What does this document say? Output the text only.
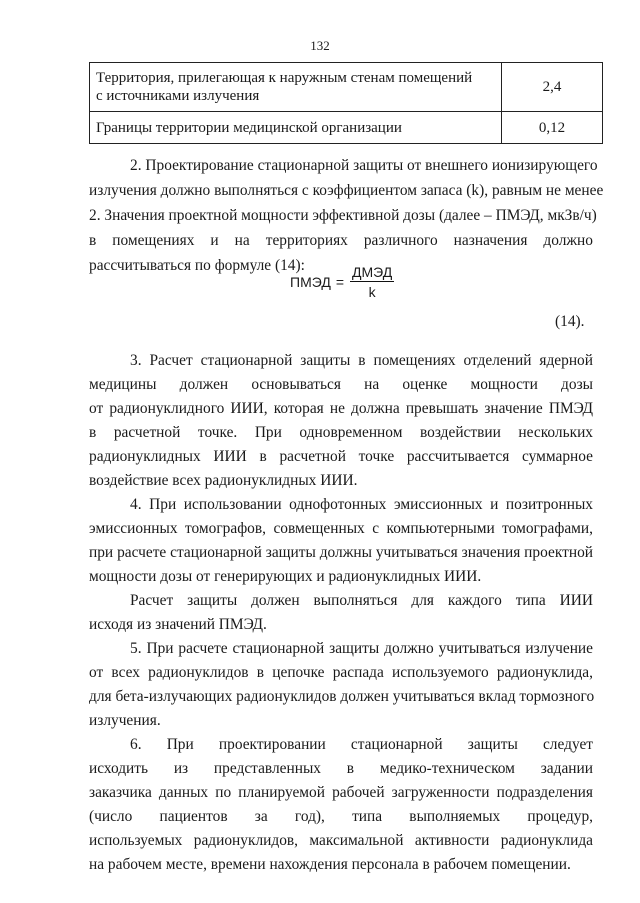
132
Территория, прилегающая к наружным стенам помещений
с источниками излучения	2,4
Границы территории медицинской организации	0,12
2. Проектирование стационарной защиты от внешнего ионизирующего
излучения должно выполняться с коэффициентом запаса (k), равным не менее
2. Значения проектной мощности эффективной дозы (далее – ПМЭД, мкЗв/ч)
в помещениях и на территориях различного назначения должно
рассчитываться по формуле (14):
ПМЭД = $\frac{\text{ДМЭД}}{k}$
(14).
3. Расчет стационарной защиты в помещениях отделений ядерной
медицины должен основываться на оценке мощности дозы
от радионуклидного ИИИ, которая не должна превышать значение ПМЭД
в расчетной точке. При одновременном воздействии нескольких
радионуклидных ИИИ в расчетной точке рассчитывается суммарное
воздействие всех радионуклидных ИИИ.
4. При использовании однофотонных эмиссионных и позитронных
эмиссионных томографов, совмещенных с компьютерными томографами,
при расчете стационарной защиты должны учитываться значения проектной
мощности дозы от генерирующих и радионуклидных ИИИ.
Расчет защиты должен выполняться для каждого типа ИИИ
исходя из значений ПМЭД.
5. При расчете стационарной защиты должно учитываться излучение
от всех радионуклидов в цепочке распада используемого радионуклида,
для бета-излучающих радионуклидов должен учитываться вклад тормозного
излучения.
6. При проектировании стационарной защиты следует
исходить из представленных в медико-техническом задании
заказчика данных по планируемой рабочей загруженности подразделения
(число пациентов за год), типа выполняемых процедур,
используемых радионуклидов, максимальной активности радионуклида
на рабочем месте, времени нахождения персонала в рабочем помещении.
